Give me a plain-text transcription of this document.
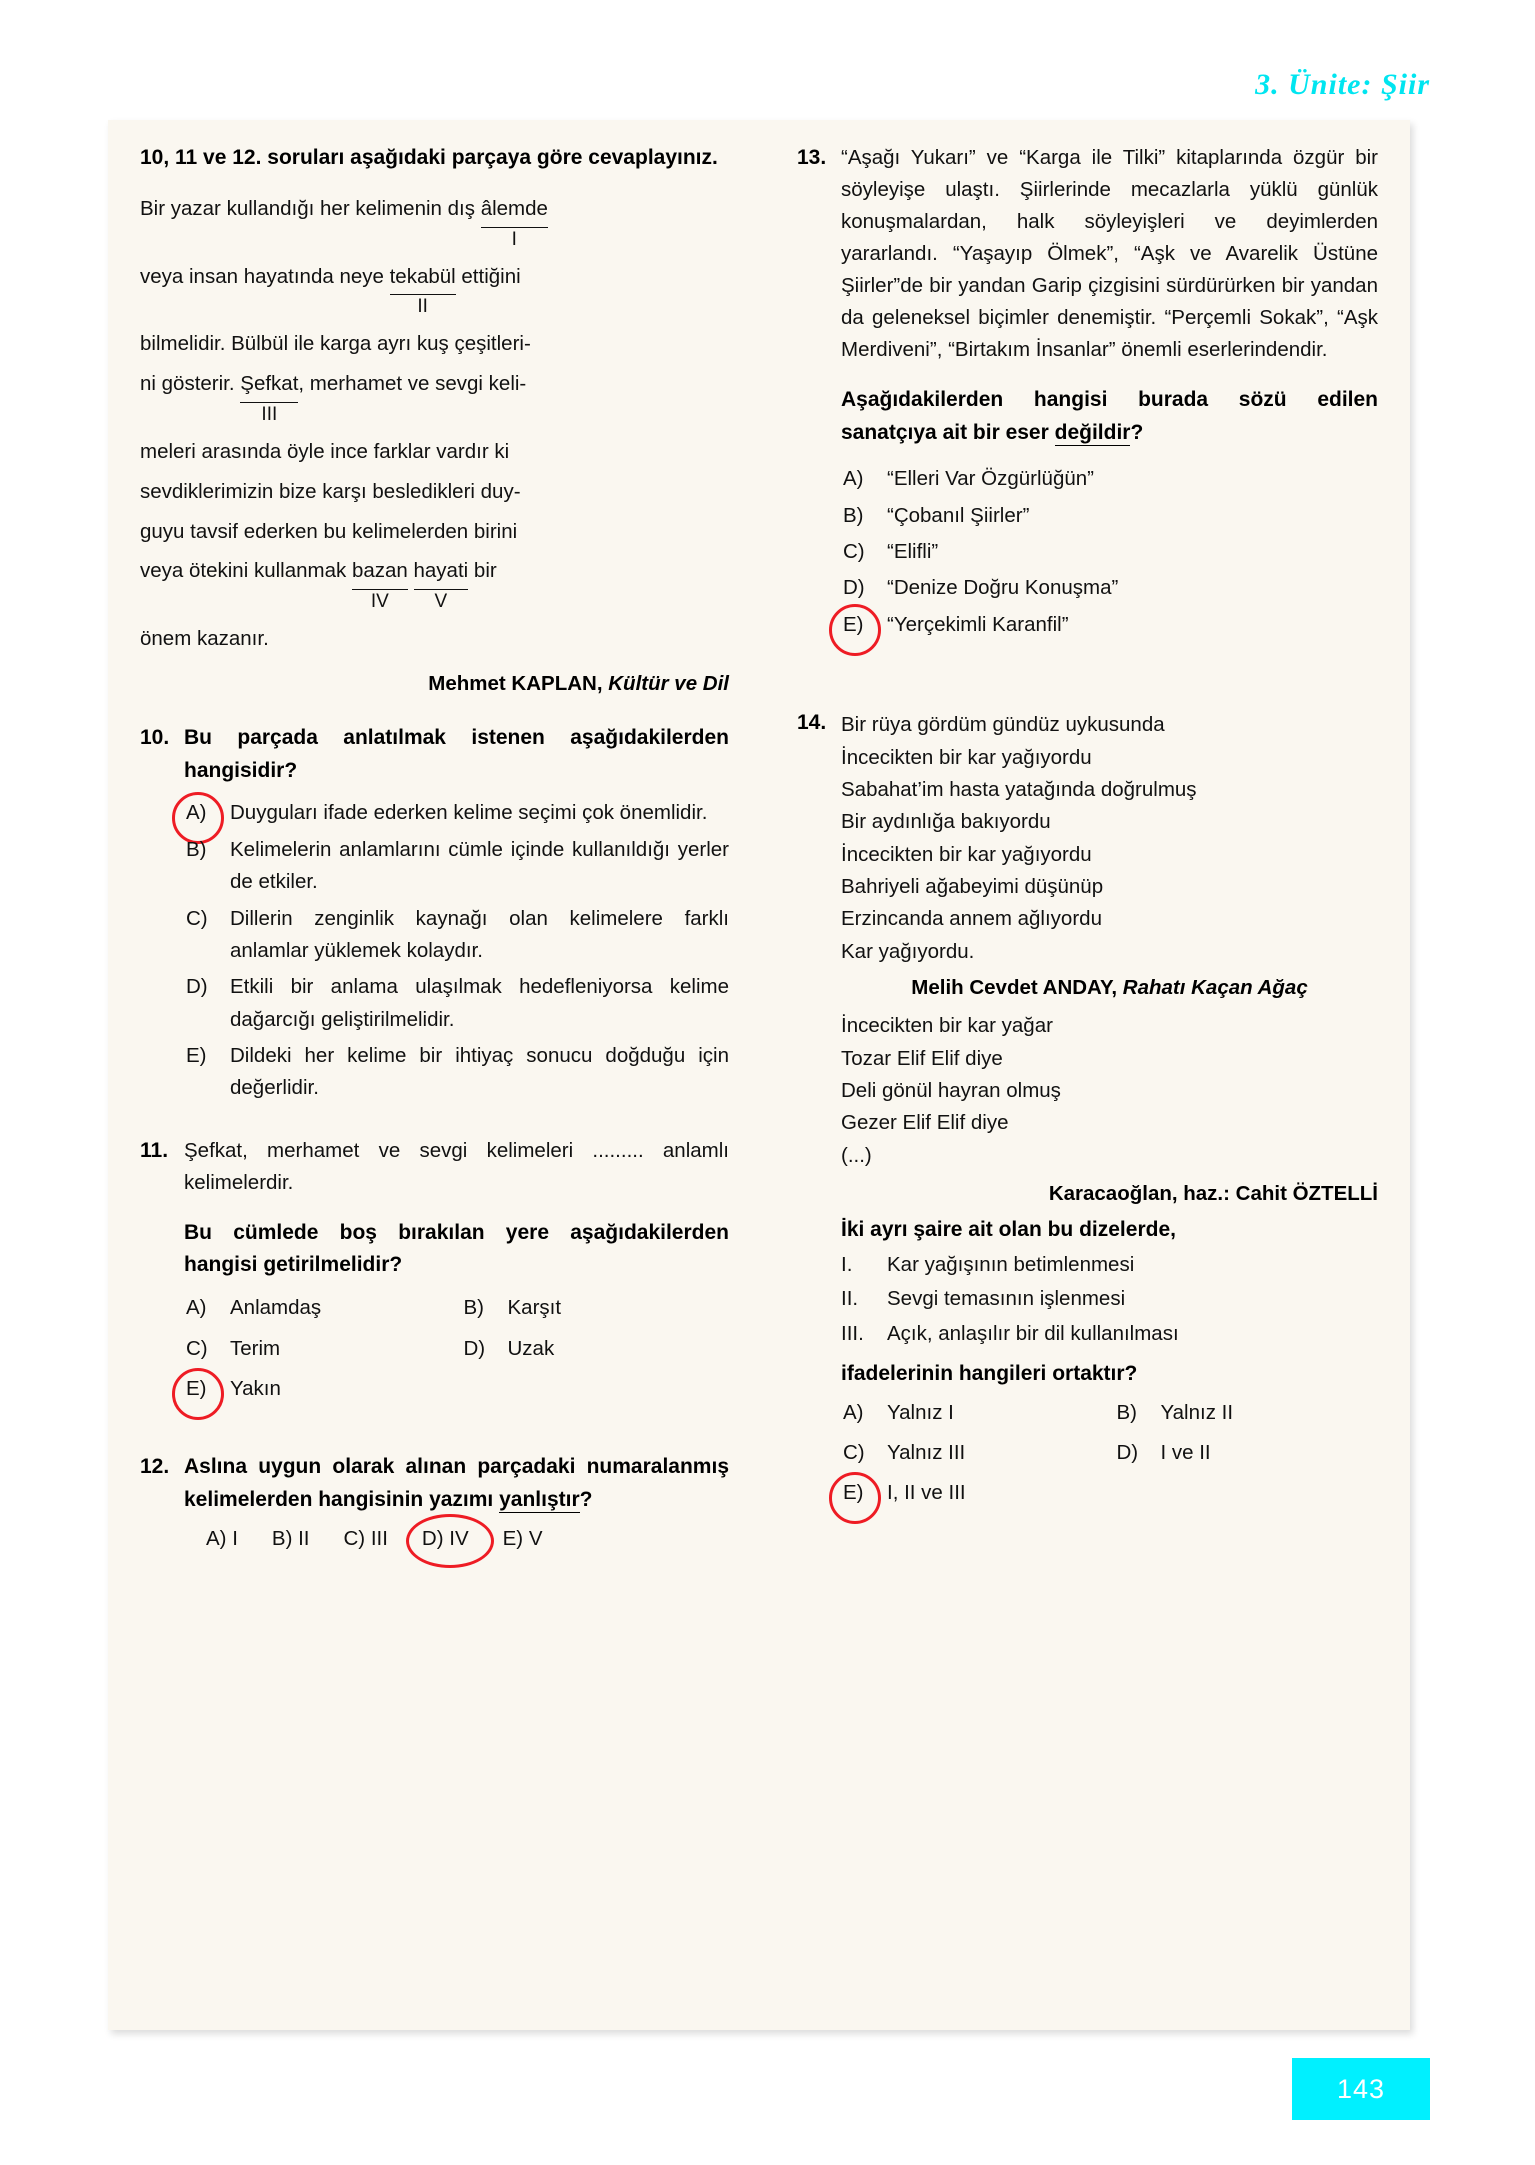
3. Ünite: Şiir
10, 11 ve 12. soruları aşağıdaki parçaya göre cevaplayınız.

Bir yazar kullandığı her kelimenin dış âlemde
I

veya insan hayatında neye tekabül
II
ettiğini

bilmelidir. Bülbül ile karga ayrı kuş çeşitleri-

ni gösterir. Şefkat
III
, merhamet ve sevgi keli-

meleri arasında öyle ince farklar vardır ki

sevdiklerimizin bize karşı besledikleri duy-

guyu tavsif ederken bu kelimelerden birini

veya ötekini kullanmak bazan
IV
hayati
V
bir

önem kazanır.

Mehmet KAPLAN, Kültür ve Dil
10. Bu parçada anlatılmak istenen aşağıdakilerden hangisidir?
A)	Duyguları ifade ederken kelime seçimi çok önemlidir.
B)	Kelimelerin anlamlarını cümle içinde kullanıldığı yerler de etkiler.
C)	Dillerin zenginlik kaynağı olan kelimelere farklı anlamlar yüklemek kolaydır.
D)	Etkili bir anlama ulaşılmak hedefleniyorsa kelime dağarcığı geliştirilmelidir.
E)	Dildeki her kelime bir ihtiyaç sonucu doğduğu için değerlidir.
11. Şefkat, merhamet ve sevgi kelimeleri ......... anlamlı kelimelerdir.
Bu cümlede boş bırakılan yere aşağıdakilerden hangisi getirilmelidir?
A)	Anlamdaş	B)	Karşıt
C)	Terim	D)	Uzak
E)	Yakın
12. Aslına uygun olarak alınan parçadaki numaralanmış kelimelerden hangisinin yazımı yanlıştır?
A) I B) II C) III D) IV E) V
13. “Aşağı Yukarı” ve “Karga ile Tilki” kitaplarında özgür bir söyleyişe ulaştı. Şiirlerinde mecazlarla yüklü günlük konuşmalardan, halk söyleyişleri ve deyimlerden yararlandı. “Yaşayıp Ölmek”, “Aşk ve Avarelik Üstüne Şiirler”de bir yandan Garip çizgisini sürdürürken bir yandan da geleneksel biçimler denemiştir. “Perçemli Sokak”, “Aşk Merdiveni”, “Birtakım İnsanlar” önemli eserlerindendir.
Aşağıdakilerden hangisi burada sözü edilen sanatçıya ait bir eser değildir?
A)	“Elleri Var Özgürlüğün”
B)	“Çobanıl Şiirler”
C)	“Elifli”
D)	“Denize Doğru Konuşma”
E)	“Yerçekimli Karanfil”
14. Bir rüya gördüm gündüz uykusunda
İncecikten bir kar yağıyordu
Sabahat’im hasta yatağında doğrulmuş
Bir aydınlığa bakıyordu
İncecikten bir kar yağıyordu
Bahriyeli ağabeyimi düşünüp
Erzincanda annem ağlıyordu
Kar yağıyordu.
Melih Cevdet ANDAY, Rahatı Kaçan Ağaç
İncecikten bir kar yağar
Tozar Elif Elif diye
Deli gönül hayran olmuş
Gezer Elif Elif diye
(...)
Karacaoğlan, haz.: Cahit ÖZTELLİ
İki ayrı şaire ait olan bu dizelerde,
I.	Kar yağışının betimlenmesi
II.	Sevgi temasının işlenmesi
III.	Açık, anlaşılır bir dil kullanılması
ifadelerinin hangileri ortaktır?
A)	Yalnız I	B)	Yalnız II
C)	Yalnız III	D)	I ve II
E)	I, II ve III
143
